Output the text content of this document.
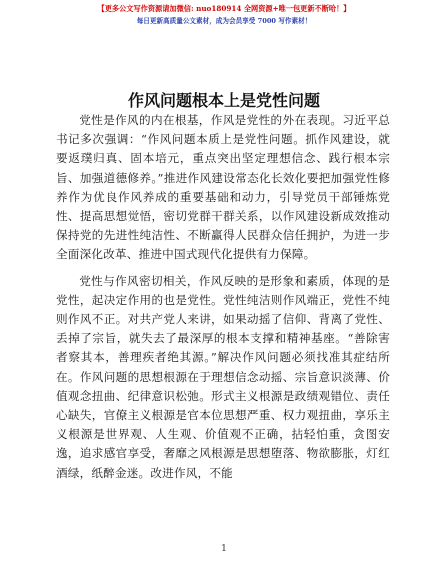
【更多公文写作资源请加微信: nuo180914 全网资源+唯一包更新不断哈！】
每日更新高质量公文素材，成为会员享受 7000 写作素材！
作风问题根本上是党性问题

党性是作风的内在根基，作风是党性的外在表现。习近平总书记多次强调：“作风问题本质上是党性问题。抓作风建设，就要返璞归真、固本培元，重点突出坚定理想信念、践行根本宗旨、加强道德修养。”推进作风建设常态化长效化要把加强党性修养作为优良作风养成的重要基础和动力，引导党员干部锤炼党性、提高思想觉悟，密切党群干群关系，以作风建设新成效推动保持党的先进性纯洁性、不断赢得人民群众信任拥护，为进一步全面深化改革、推进中国式现代化提供有力保障。

党性与作风密切相关，作风反映的是形象和素质，体现的是党性，起决定作用的也是党性。党性纯洁则作风端正，党性不纯则作风不正。对共产党人来讲，如果动摇了信仰、背离了党性、丢掉了宗旨，就失去了最深厚的根本支撑和精神基座。“善除害者察其本，善理疾者绝其源。”解决作风问题必须找准其症结所在。作风问题的思想根源在于理想信念动摇、宗旨意识淡薄、价值观念扭曲、纪律意识松弛。形式主义根源是政绩观错位、责任心缺失，官僚主义根源是官本位思想严重、权力观扭曲，享乐主义根源是世界观、人生观、价值观不正确，拈轻怕重，贪图安逸，追求感官享受，奢靡之风根源是思想堕落、物欲膨胀，灯红酒绿，纸醉金迷。改进作风，不能

1
